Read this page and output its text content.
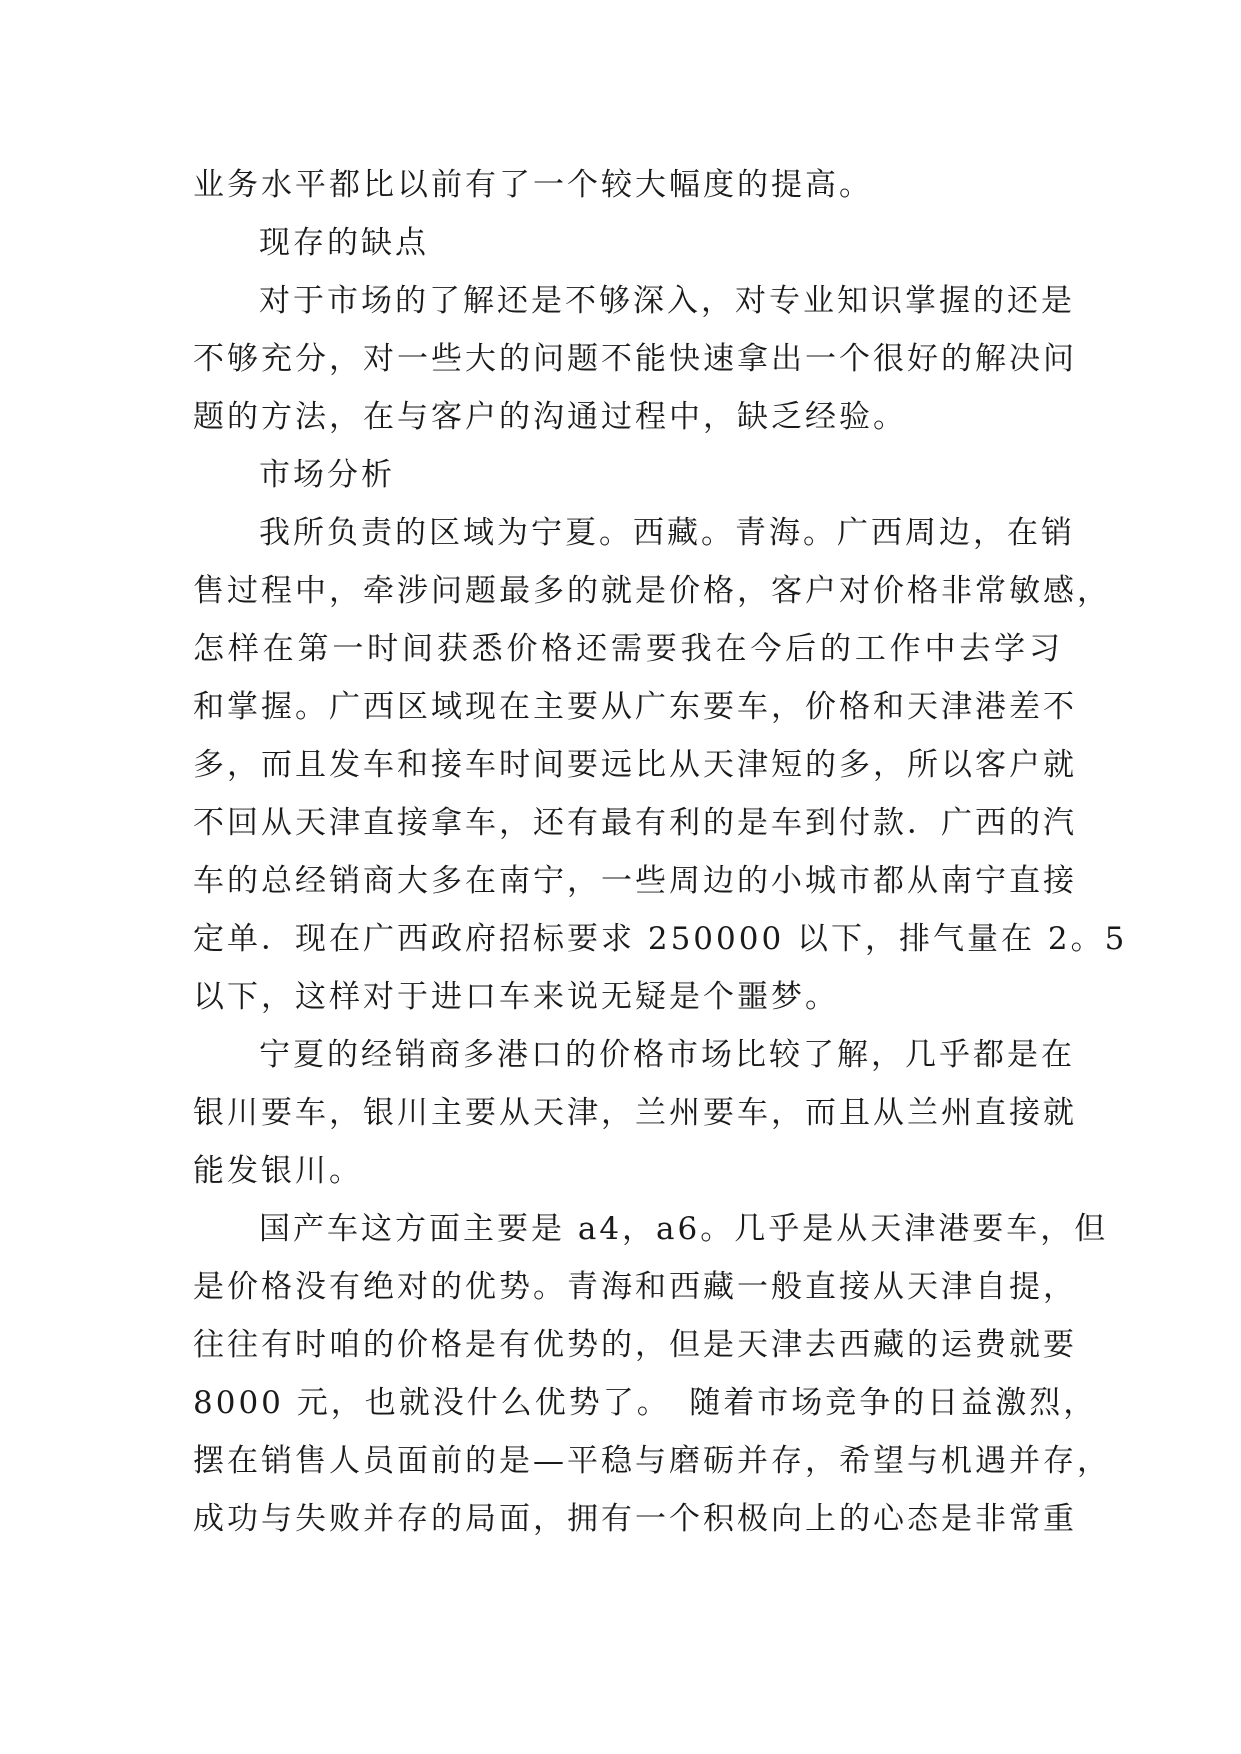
业务水平都比以前有了一个较大幅度的提高。
现存的缺点
对于市场的了解还是不够深入，对专业知识掌握的还是
不够充分，对一些大的问题不能快速拿出一个很好的解决问
题的方法，在与客户的沟通过程中，缺乏经验。
市场分析
我所负责的区域为宁夏。西藏。青海。广西周边，在销
售过程中，牵涉问题最多的就是价格，客户对价格非常敏感，
怎样在第一时间获悉价格还需要我在今后的工作中去学习
和掌握。广西区域现在主要从广东要车，价格和天津港差不
多，而且发车和接车时间要远比从天津短的多，所以客户就
不回从天津直接拿车，还有最有利的是车到付款．广西的汽
车的总经销商大多在南宁，一些周边的小城市都从南宁直接
定单．现在广西政府招标要求 250000 以下，排气量在 2。5
以下，这样对于进口车来说无疑是个噩梦。
宁夏的经销商多港口的价格市场比较了解，几乎都是在
银川要车，银川主要从天津，兰州要车，而且从兰州直接就
能发银川。
国产车这方面主要是 a4，a6。几乎是从天津港要车，但
是价格没有绝对的优势。青海和西藏一般直接从天津自提，
往往有时咱的价格是有优势的，但是天津去西藏的运费就要
8000 元，也就没什么优势了。　随着市场竞争的日益激烈，
摆在销售人员面前的是—平稳与磨砺并存，希望与机遇并存，
成功与失败并存的局面，拥有一个积极向上的心态是非常重
